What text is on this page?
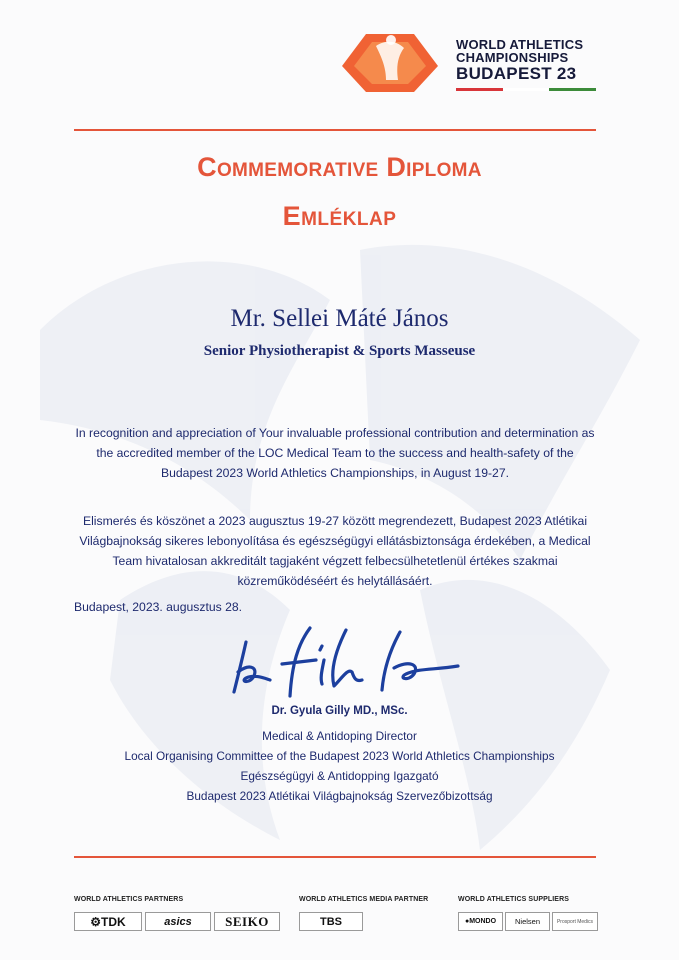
WORLD ATHLETICS
CHAMPIONSHIPS
BUDAPEST 23
Commemorative Diploma
Emléklap
Mr. Sellei Máté János
Senior Physiotherapist & Sports Masseuse
In recognition and appreciation of Your invaluable professional contribution and determination as the accredited member of the LOC Medical Team to the success and health-safety of the Budapest 2023 World Athletics Championships, in August 19-27.
Elismerés és köszönet a 2023 augusztus 19-27 között megrendezett, Budapest 2023 Atlétikai Világbajnokság sikeres lebonyolítása és egészségügyi ellátásbiztonsága érdekében, a Medical Team hivatalosan akkreditált tagjaként végzett felbecsülhetetlenül értékes szakmai közreműködéséért és helytállásáért.
Budapest, 2023. augusztus 28.
Dr. Gyula Gilly MD., MSc.
Medical & Antidoping Director
Local Organising Committee of the Budapest 2023 World Athletics Championships
Egészségügyi & Antidopping Igazgató
Budapest 2023 Atlétikai Világbajnokság Szervezőbizottság
WORLD ATHLETICS PARTNERS	WORLD ATHLETICS MEDIA PARTNER	WORLD ATHLETICS SUPPLIERS
⚙TDK	asics	SEIKO	TBS	●MONDO	Nielsen	Prosport Medics
